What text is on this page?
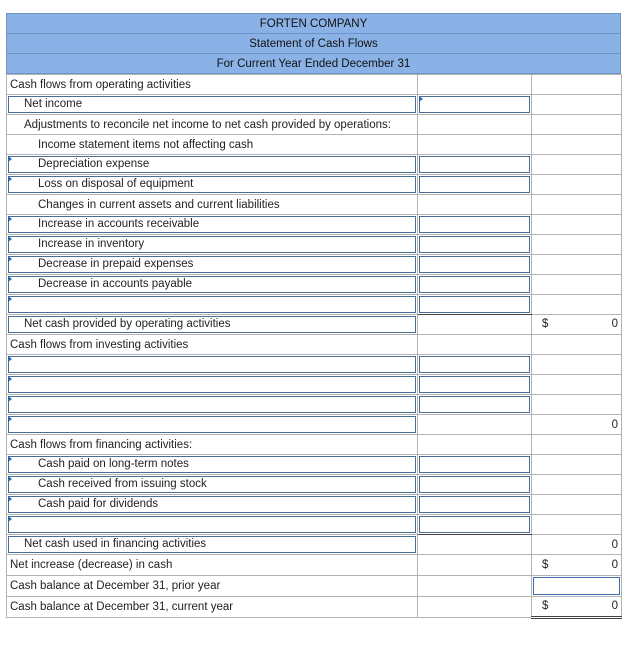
FORTEN COMPANY
Statement of Cash Flows
For Current Year Ended December 31
Cash flows from operating activities		

Net income		

Adjustments to reconcile net income to net cash provided by operations:		
Income statement items not affecting cash		

Depreciation expense		

Loss on disposal of equipment		

Changes in current assets and current liabilities		

Increase in accounts receivable		

Increase in inventory		

Decrease in prepaid expenses		

Decrease in accounts payable		

Net cash provided by operating activities		$ 0

Cash flows from investing activities		

		0
Cash flows from financing activities:		

Cash paid on long-term notes		

Cash received from issuing stock		

Cash paid for dividends		

Net cash used in financing activities		0
Net increase (decrease) in cash		$ 0

Cash balance at December 31, prior year		

Cash balance at December 31, current year		$ 0
